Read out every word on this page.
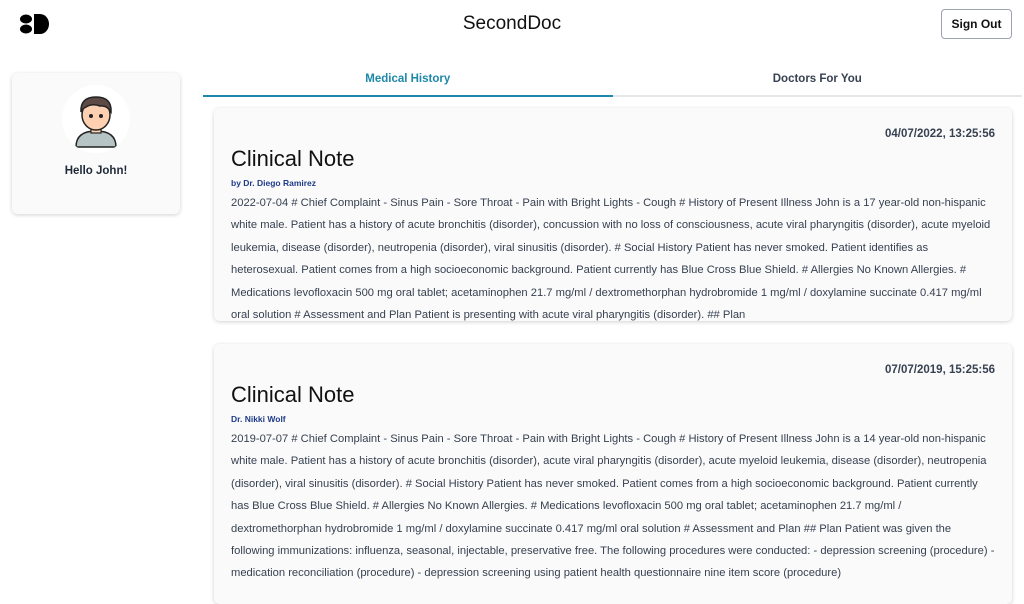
SecondDoc	Sign Out
Hello John!
Medical History	Doctors For You
04/07/2022, 13:25:56
Clinical Note
by Dr. Diego Ramirez
2022-07-04 # Chief Complaint - Sinus Pain - Sore Throat - Pain with Bright Lights - Cough # History of Present Illness John is a 17 year-old non-hispanic white male. Patient has a history of acute bronchitis (disorder), concussion with no loss of consciousness, acute viral pharyngitis (disorder), acute myeloid leukemia, disease (disorder), neutropenia (disorder), viral sinusitis (disorder). # Social History Patient has never smoked. Patient identifies as heterosexual. Patient comes from a high socioeconomic background. Patient currently has Blue Cross Blue Shield. # Allergies No Known Allergies. # Medications levofloxacin 500 mg oral tablet; acetaminophen 21.7 mg/ml / dextromethorphan hydrobromide 1 mg/ml / doxylamine succinate 0.417 mg/ml oral solution # Assessment and Plan Patient is presenting with acute viral pharyngitis (disorder). ## Plan
07/07/2019, 15:25:56
Clinical Note
Dr. Nikki Wolf
2019-07-07 # Chief Complaint - Sinus Pain - Sore Throat - Pain with Bright Lights - Cough # History of Present Illness John is a 14 year-old non-hispanic white male. Patient has a history of acute bronchitis (disorder), acute viral pharyngitis (disorder), acute myeloid leukemia, disease (disorder), neutropenia (disorder), viral sinusitis (disorder). # Social History Patient has never smoked. Patient comes from a high socioeconomic background. Patient currently has Blue Cross Blue Shield. # Allergies No Known Allergies. # Medications levofloxacin 500 mg oral tablet; acetaminophen 21.7 mg/ml / dextromethorphan hydrobromide 1 mg/ml / doxylamine succinate 0.417 mg/ml oral solution # Assessment and Plan ## Plan Patient was given the following immunizations: influenza, seasonal, injectable, preservative free. The following procedures were conducted: - depression screening (procedure) - medication reconciliation (procedure) - depression screening using patient health questionnaire nine item score (procedure)
